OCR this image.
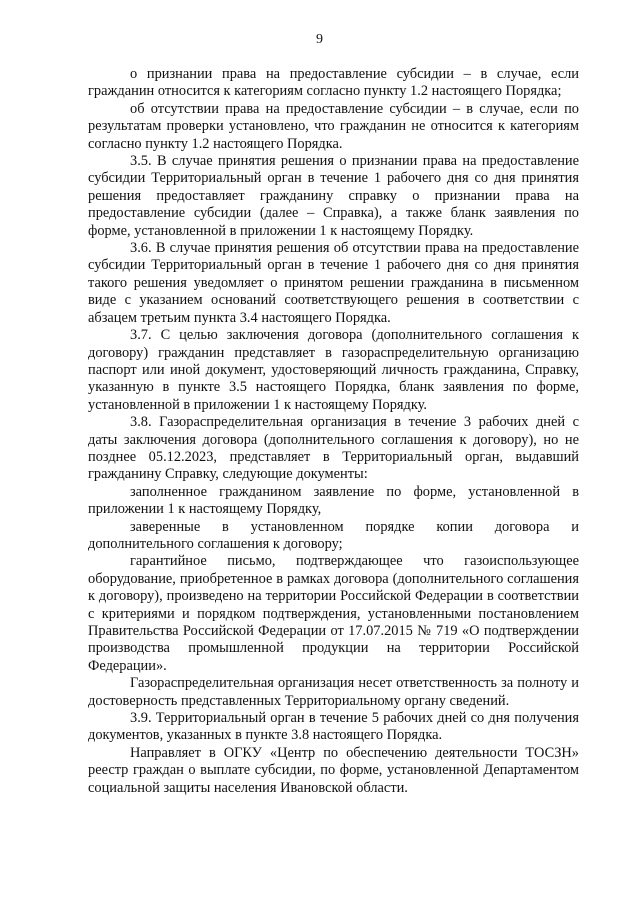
9

о признании права на предоставление субсидии – в случае, если гражданин относится к категориям согласно пункту 1.2 настоящего Порядка;

об отсутствии права на предоставление субсидии – в случае, если по результатам проверки установлено, что гражданин не относится к категориям согласно пункту 1.2 настоящего Порядка.

3.5. В случае принятия решения о признании права на предоставление субсидии Территориальный орган в течение 1 рабочего дня со дня принятия решения предоставляет гражданину справку о признании права на предоставление субсидии (далее – Справка), а также бланк заявления по форме, установленной в приложении 1 к настоящему Порядку.

3.6. В случае принятия решения об отсутствии права на предоставление субсидии Территориальный орган в течение 1 рабочего дня со дня принятия такого решения уведомляет о принятом решении гражданина в письменном виде с указанием оснований соответствующего решения в соответствии с абзацем третьим пункта 3.4 настоящего Порядка.

3.7. С целью заключения договора (дополнительного соглашения к договору) гражданин представляет в газораспределительную организацию паспорт или иной документ, удостоверяющий личность гражданина, Справку, указанную в пункте 3.5 настоящего Порядка, бланк заявления по форме, установленной в приложении 1 к настоящему Порядку.

3.8. Газораспределительная организация в течение 3 рабочих дней с даты заключения договора (дополнительного соглашения к договору), но не позднее 05.12.2023, представляет в Территориальный орган, выдавший гражданину Справку, следующие документы:

заполненное гражданином заявление по форме, установленной в приложении 1 к настоящему Порядку,

заверенные в установленном порядке копии договора и дополнительного соглашения к договору;

гарантийное письмо, подтверждающее что газоиспользующее оборудование, приобретенное в рамках договора (дополнительного соглашения к договору), произведено на территории Российской Федерации в соответствии с критериями и порядком подтверждения, установленными постановлением Правительства Российской Федерации от 17.07.2015 № 719 «О подтверждении производства промышленной продукции на территории Российской Федерации».

Газораспределительная организация несет ответственность за полноту и достоверность представленных Территориальному органу сведений.

3.9. Территориальный орган в течение 5 рабочих дней со дня получения документов, указанных в пункте 3.8 настоящего Порядка.

Направляет в ОГКУ «Центр по обеспечению деятельности ТОСЗН» реестр граждан о выплате субсидии, по форме, установленной Департаментом социальной защиты населения Ивановской области.
